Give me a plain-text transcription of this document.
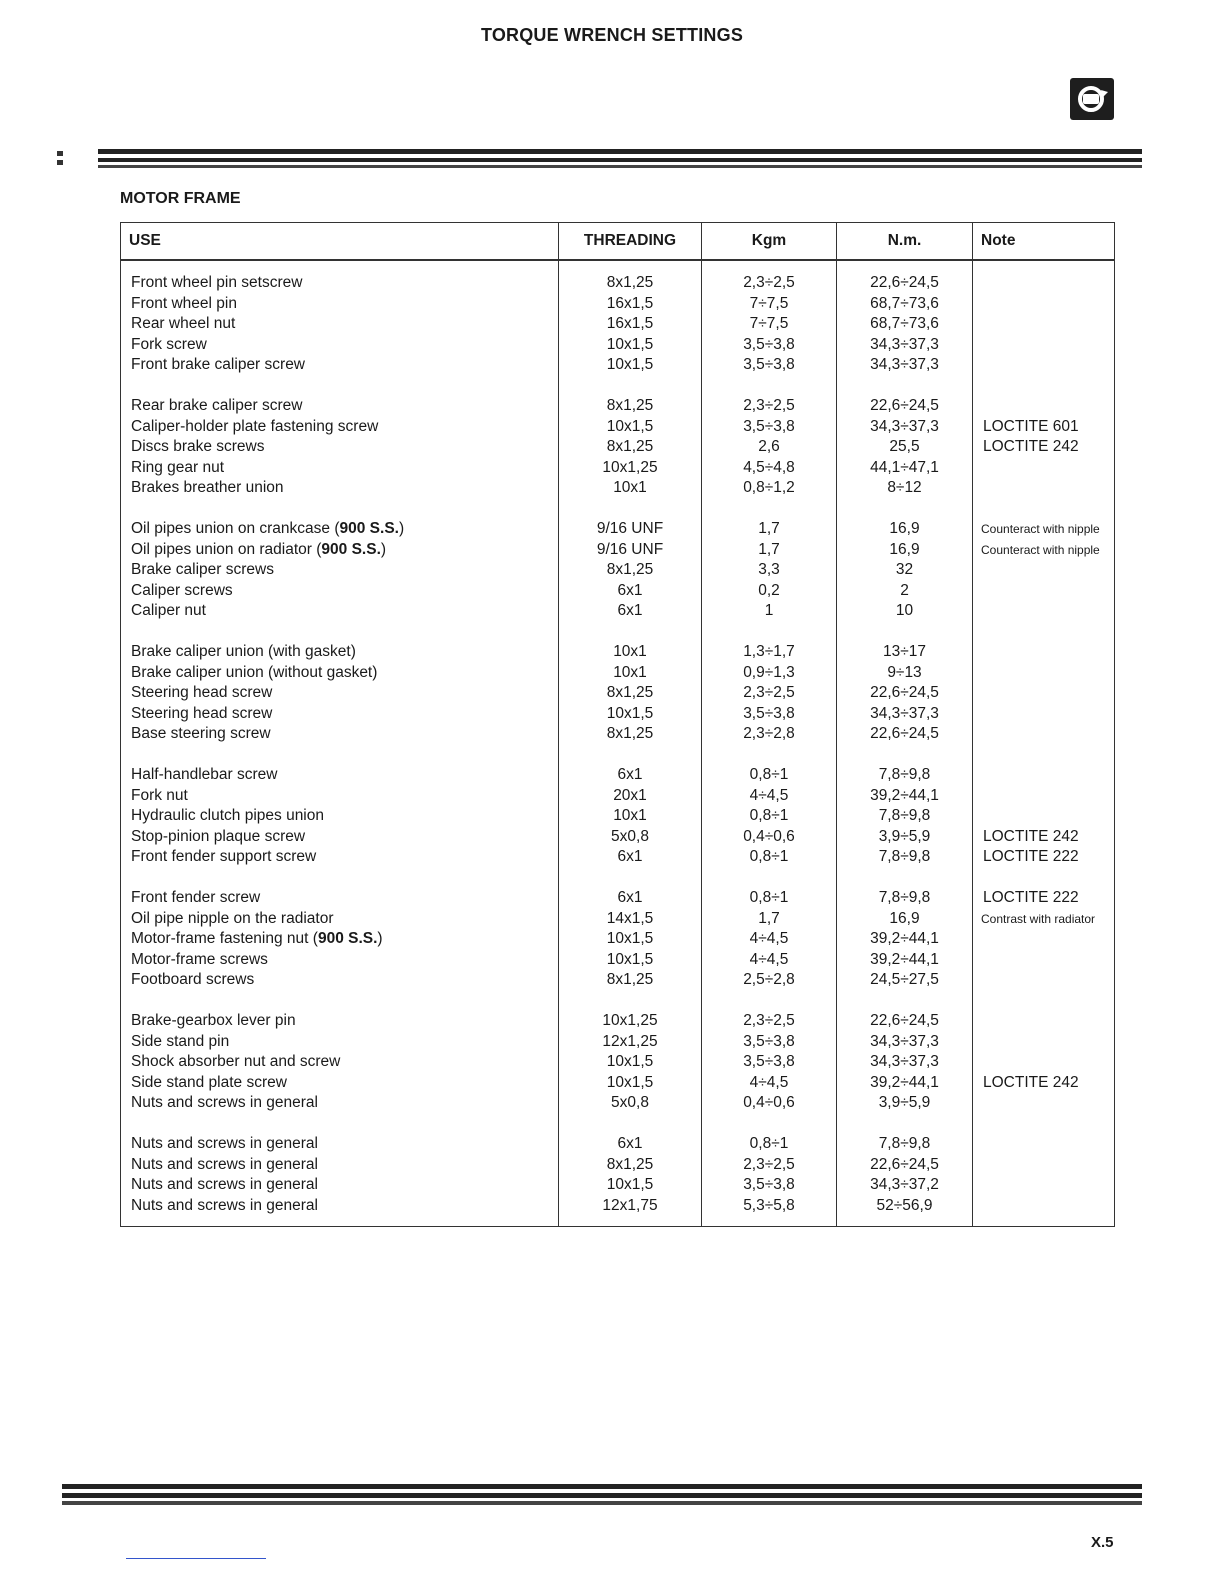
TORQUE WRENCH SETTINGS
MOTOR FRAME
USE	THREADING	Kgm	N.m.	Note

Front wheel pin setscrew	8x1,25	2,3÷2,5	22,6÷24,5	
Front wheel pin	16x1,5	7÷7,5	68,7÷73,6	
Rear wheel nut	16x1,5	7÷7,5	68,7÷73,6	
Fork screw	10x1,5	3,5÷3,8	34,3÷37,3	
Front brake caliper screw	10x1,5	3,5÷3,8	34,3÷37,3	

Rear brake caliper screw	8x1,25	2,3÷2,5	22,6÷24,5	
Caliper-holder plate fastening screw	10x1,5	3,5÷3,8	34,3÷37,3	LOCTITE 601
Discs brake screws	8x1,25	2,6	25,5	LOCTITE 242
Ring gear nut	10x1,25	4,5÷4,8	44,1÷47,1	
Brakes breather union	10x1	0,8÷1,2	8÷12	

Oil pipes union on crankcase (900 S.S.)	9/16 UNF	1,7	16,9	Counteract with nipple
Oil pipes union on radiator (900 S.S.)	9/16 UNF	1,7	16,9	Counteract with nipple
Brake caliper screws	8x1,25	3,3	32	
Caliper screws	6x1	0,2	2	
Caliper nut	6x1	1	10	

Brake caliper union (with gasket)	10x1	1,3÷1,7	13÷17	
Brake caliper union (without gasket)	10x1	0,9÷1,3	9÷13	
Steering head screw	8x1,25	2,3÷2,5	22,6÷24,5	
Steering head screw	10x1,5	3,5÷3,8	34,3÷37,3	
Base steering screw	8x1,25	2,3÷2,8	22,6÷24,5	

Half-handlebar screw	6x1	0,8÷1	7,8÷9,8	
Fork nut	20x1	4÷4,5	39,2÷44,1	
Hydraulic clutch pipes union	10x1	0,8÷1	7,8÷9,8	
Stop-pinion plaque screw	5x0,8	0,4÷0,6	3,9÷5,9	LOCTITE 242
Front fender support screw	6x1	0,8÷1	7,8÷9,8	LOCTITE 222

Front fender screw	6x1	0,8÷1	7,8÷9,8	LOCTITE 222
Oil pipe nipple on the radiator	14x1,5	1,7	16,9	Contrast with radiator
Motor-frame fastening nut (900 S.S.)	10x1,5	4÷4,5	39,2÷44,1	
Motor-frame screws	10x1,5	4÷4,5	39,2÷44,1	
Footboard screws	8x1,25	2,5÷2,8	24,5÷27,5	

Brake-gearbox lever pin	10x1,25	2,3÷2,5	22,6÷24,5	
Side stand pin	12x1,25	3,5÷3,8	34,3÷37,3	
Shock absorber nut and screw	10x1,5	3,5÷3,8	34,3÷37,3	
Side stand plate screw	10x1,5	4÷4,5	39,2÷44,1	LOCTITE 242
Nuts and screws in general	5x0,8	0,4÷0,6	3,9÷5,9	

Nuts and screws in general	6x1	0,8÷1	7,8÷9,8	
Nuts and screws in general	8x1,25	2,3÷2,5	22,6÷24,5	
Nuts and screws in general	10x1,5	3,5÷3,8	34,3÷37,2	
Nuts and screws in general	12x1,75	5,3÷5,8	52÷56,9	
X.5
